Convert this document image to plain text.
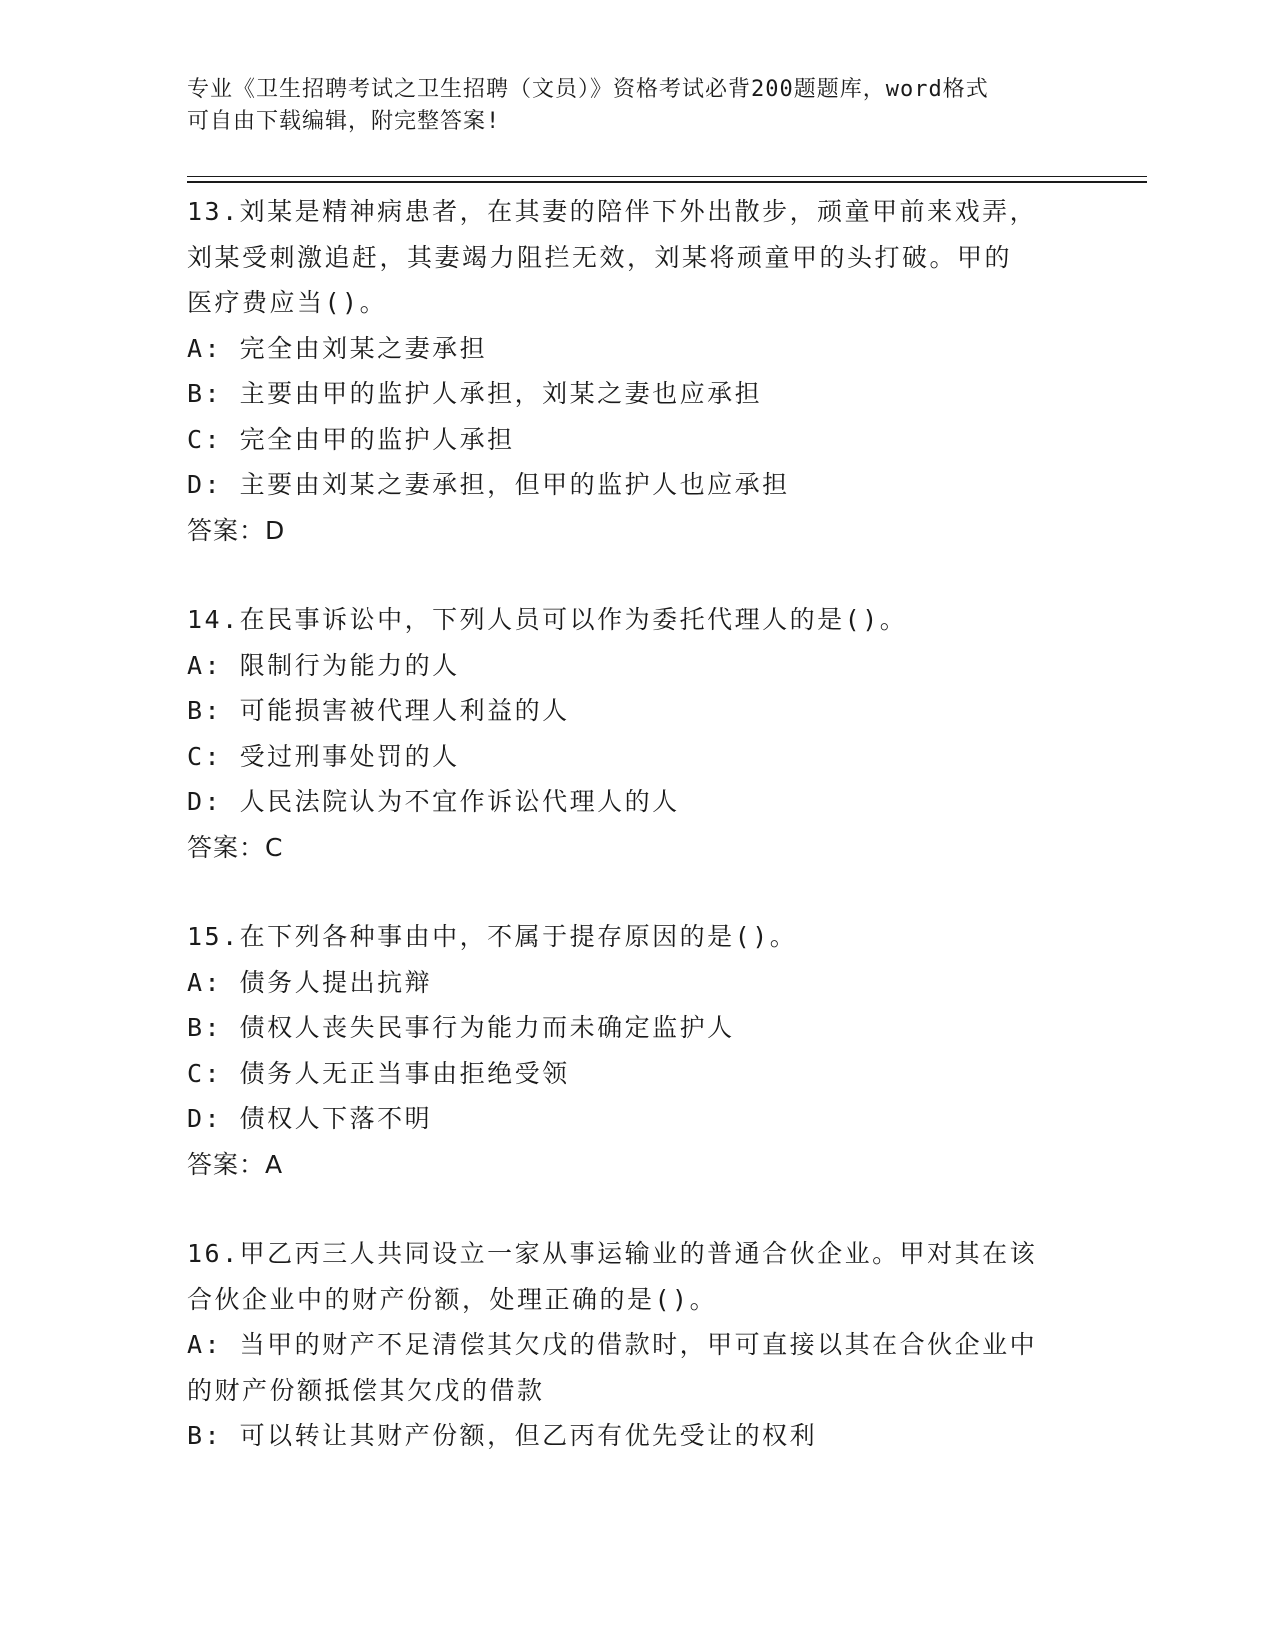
专业《卫生招聘考试之卫生招聘（文员）》资格考试必背200题题库，word格式
可自由下载编辑，附完整答案!
13.刘某是精神病患者，在其妻的陪伴下外出散步，顽童甲前来戏弄，
刘某受刺激追赶，其妻竭力阻拦无效，刘某将顽童甲的头打破。甲的
医疗费应当()。
A: 完全由刘某之妻承担
B: 主要由甲的监护人承担，刘某之妻也应承担
C: 完全由甲的监护人承担
D: 主要由刘某之妻承担，但甲的监护人也应承担
答案：D
14.在民事诉讼中，下列人员可以作为委托代理人的是()。
A: 限制行为能力的人
B: 可能损害被代理人利益的人
C: 受过刑事处罚的人
D: 人民法院认为不宜作诉讼代理人的人
答案：C
15.在下列各种事由中，不属于提存原因的是()。
A: 债务人提出抗辩
B: 债权人丧失民事行为能力而未确定监护人
C: 债务人无正当事由拒绝受领
D: 债权人下落不明
答案：A
16.甲乙丙三人共同设立一家从事运输业的普通合伙企业。甲对其在该
合伙企业中的财产份额，处理正确的是()。
A: 当甲的财产不足清偿其欠戊的借款时，甲可直接以其在合伙企业中
的财产份额抵偿其欠戊的借款
B: 可以转让其财产份额，但乙丙有优先受让的权利
